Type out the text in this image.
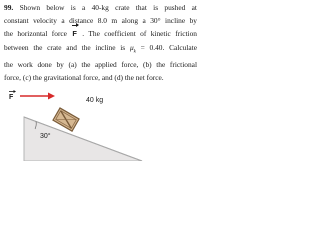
99. Shown below is a 40-kg crate that is pushed at
constant velocity a distance 8.0 m along a 30° incline by
the horizontal force F . The coefficient of kinetic friction
between the crate and the incline is $\mu_k = 0.40$. Calculate
the work done by (a) the applied force, (b) the frictional
force, (c) the gravitational force, and (d) the net force.
F	40 kg
30°
